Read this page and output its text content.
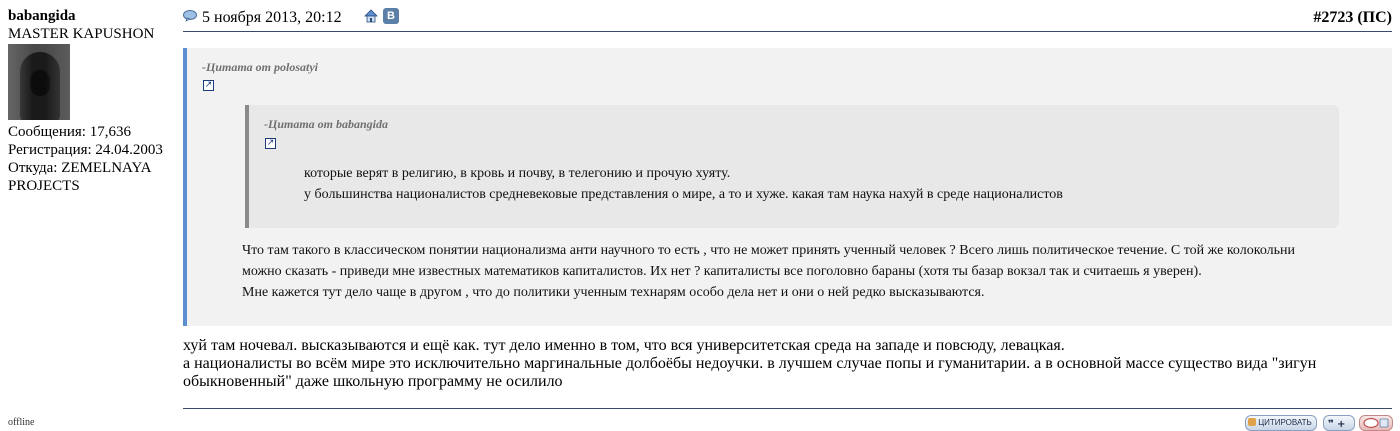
babangida
MASTER KAPUSHON
Сообщения: 17,636
Регистрация: 24.04.2003
Откуда: ZEMELNAYA
PROJECTS
offline
5 ноября 2013, 20:12	В	#2723 (ПС)
-Цитата от polosatyi
↗
-Цитата от babangida
↗
которые верят в религию, в кровь и почву, в телегонию и прочую хуяту.
у большинства националистов средневековые представления о мире, а то и хуже. какая там наука нахуй в среде националистов
Что там такого в классическом понятии национализма анти научного то есть , что не может принять ученный человек ? Всего лишь политическое течение. С той же колокольни
можно сказать - приведи мне известных математиков капиталистов. Их нет ? капиталисты все поголовно бараны (хотя ты базар вокзал так и считаешь я уверен).
Мне кажется тут дело чаще в другом , что до политики ученным технарям особо дела нет и они о ней редко высказываются.
хуй там ночевал. высказываются и ещё как. тут дело именно в том, что вся университетская среда на западе и повсюду, левацкая.
а националисты во всём мире это исключительно маргинальные долбоёбы недоучки. в лучшем случае попы и гуманитарии. а в основной массе существо вида "зигун
обыкновенный" даже школьную программу не осилило
ЦИТИРОВАТЬ	❞ +
